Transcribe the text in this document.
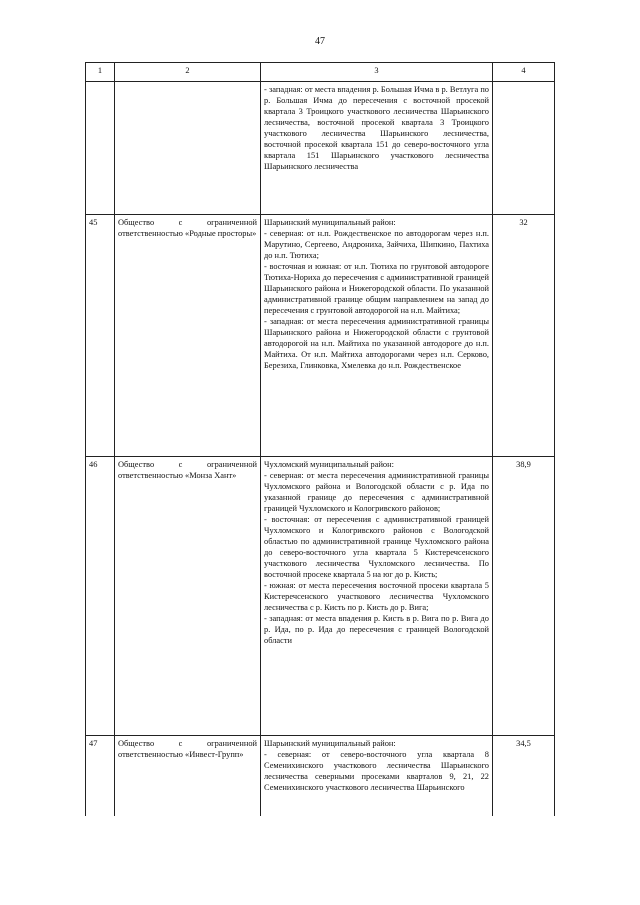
47
1	2	3	4

		- западная: от места впадения р. Большая Ичма в р. Ветлуга по р. Большая Ичма до пересечения с восточной просекой квартала 3 Троицкого участкового лесничества Шарьинского лесничества, восточной просекой квартала 3 Троицкого участкового лесничества Шарьинского лесничества, восточной просекой квартала 151 до северо-восточного угла квартала 151 Шарьинского участкового лесничества Шарьинского лесничества	

45	Общество с ограниченной ответственностью «Родные просторы»	Шарьинский муниципальный район:
- северная: от н.п. Рождественское по автодорогам через н.п. Марутино, Сергеево, Андрониха, Зайчиха, Шипкино, Пахтиха до н.п. Тютиха;
- восточная и южная: от н.п. Тютиха по грунтовой автодороге Тютиха-Нориха до пересечения с административной границей Шарьинского района и Нижегородской области. По указанной административной границе общим направлением на запад до пересечения с грунтовой автодорогой на н.п. Майтиха;
- западная: от места пересечения административной границы Шарьинского района и Нижегородской области с грунтовой автодорогой на н.п. Майтиха по указанной автодороге до н.п. Майтиха. От н.п. Майтиха автодорогами через н.п. Серково, Березиха, Глинковка, Хмелевка до н.п. Рождественское	32
46	Общество с ограниченной ответственностью «Монза Хант»	Чухломский муниципальный район:
- северная: от места пересечения административной границы Чухломского района и Вологодской области с р. Ида по указанной границе до пересечения с административной границей Чухломского и Кологривского районов;
- восточная: от пересечения с административной границей Чухломского и Кологривского районов с Вологодской областью по административной границе Чухломского района до северо-восточного угла квартала 5 Кистеречсенского участкового лесничества Чухломского лесничества. По восточной просеке квартала 5 на юг до р. Кисть;
- южная: от места пересечения восточной просеки квартала 5 Кистеречсенского участкового лесничества Чухломского лесничества с р. Кисть по р. Кисть до р. Вига;
- западная: от места впадения р. Кисть в р. Вига по р. Вига до р. Ида, по р. Ида до пересечения с границей Вологодской области	38,9
47	Общество с ограниченной ответственностью «Инвест-Групп»	Шарьинский муниципальный район:
- северная: от северо-восточного угла квартала 8 Семенихинского участкового лесничества Шарьинского лесничества северными просеками кварталов 9, 21, 22 Семенихинского участкового лесничества Шарьинского	34,5
